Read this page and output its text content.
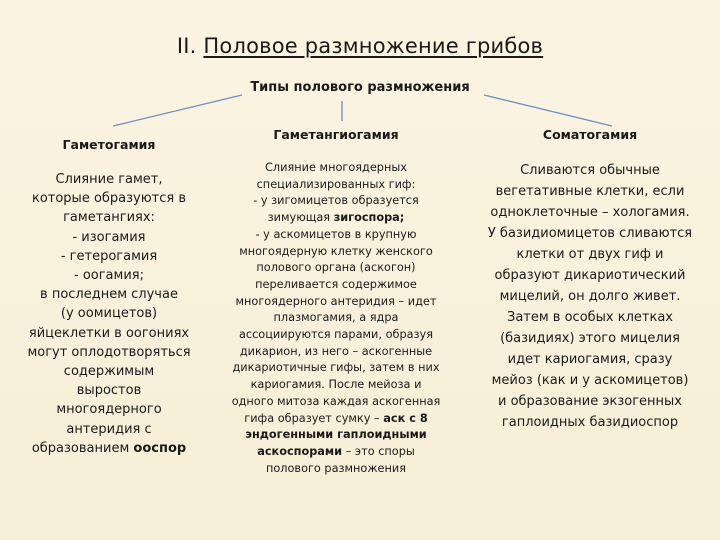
II. Половое размножение грибов
Типы полового размножения
Гаметогамия
Гаметангиогамия	Соматогамия
Слияние гамет,
которые образуются в
гаметангиях:
- изогамия
- гетерогамия
- оогамия;
в последнем случае
(у оомицетов)
яйцеклетки в оогониях
могут оплодотворяться
содержимым
выростов
многоядерного
антеридия с
образованием ооспор
Слияние многоядерных
специализированных гиф:
- у зигомицетов образуется
зимующая зигоспора;
- у аскомицетов в крупную
многоядерную клетку женского
полового органа (аскогон)
переливается содержимое
многоядерного антеридия – идет
плазмогамия, а ядра
ассоциируются парами, образуя
дикарион, из него – аскогенные
дикариотичные гифы, затем в них
кариогамия. После мейоза и
одного митоза каждая аскогенная
гифа образует сумку – аск с 8
эндогенными гаплоидными
аскоспорами – это споры
полового размножения
Сливаются обычные
вегетативные клетки, если
одноклеточные – хологамия.
У базидиомицетов сливаются
клетки от двух гиф и
образуют дикариотический
мицелий, он долго живет.
Затем в особых клетках
(базидиях) этого мицелия
идет кариогамия, сразу
мейоз (как и у аскомицетов)
и образование экзогенных
гаплоидных базидиоспор
